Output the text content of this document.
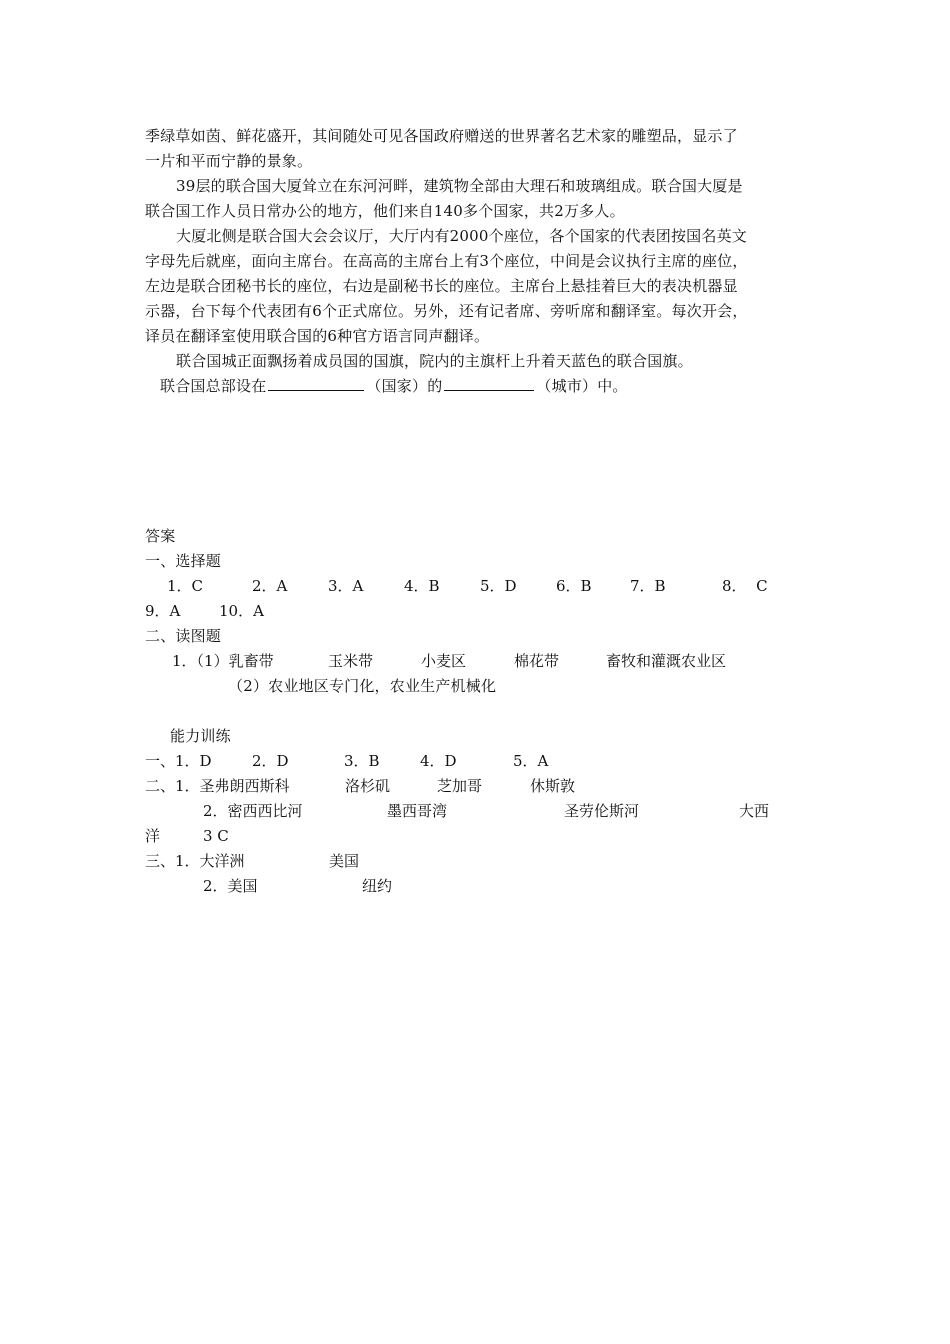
季绿草如茵、鲜花盛开，其间随处可见各国政府赠送的世界著名艺术家的雕塑品，显示了
一片和平而宁静的景象。
39层的联合国大厦耸立在东河河畔，建筑物全部由大理石和玻璃组成。联合国大厦是
联合国工作人员日常办公的地方，他们来自140多个国家，共2万多人。
大厦北侧是联合国大会会议厅，大厅内有2000个座位，各个国家的代表团按国名英文
字母先后就座，面向主席台。在高高的主席台上有3个座位，中间是会议执行主席的座位，
左边是联合团秘书长的座位，右边是副秘书长的座位。主席台上悬挂着巨大的表决机器显
示器，台下每个代表团有6个正式席位。另外，还有记者席、旁听席和翻译室。每次开会，
译员在翻译室使用联合国的6种官方语言同声翻译。
联合国城正面飘扬着成员国的国旗，院内的主旗杆上升着天蓝色的联合国旗。
联合国总部设在	（国家）的	（城市）中。
答案
一、选择题
1．C	2．A	3．A	4．B	5．D	6．B	7．B	8．  C
9．A	10．A
二、读图题
1．（1）乳畜带	玉米带	小麦区	棉花带	畜牧和灌溉农业区
（2）农业地区专门化，农业生产机械化
能力训练
一、1．D	2．D	3．B	4．D	5．A
二、1．圣弗朗西斯科	洛杉矶	芝加哥	休斯敦
2．密西西比河	墨西哥湾	圣劳伦斯河	大西
洋	3 C
三、1．大洋洲	美国
2．美国	纽约
